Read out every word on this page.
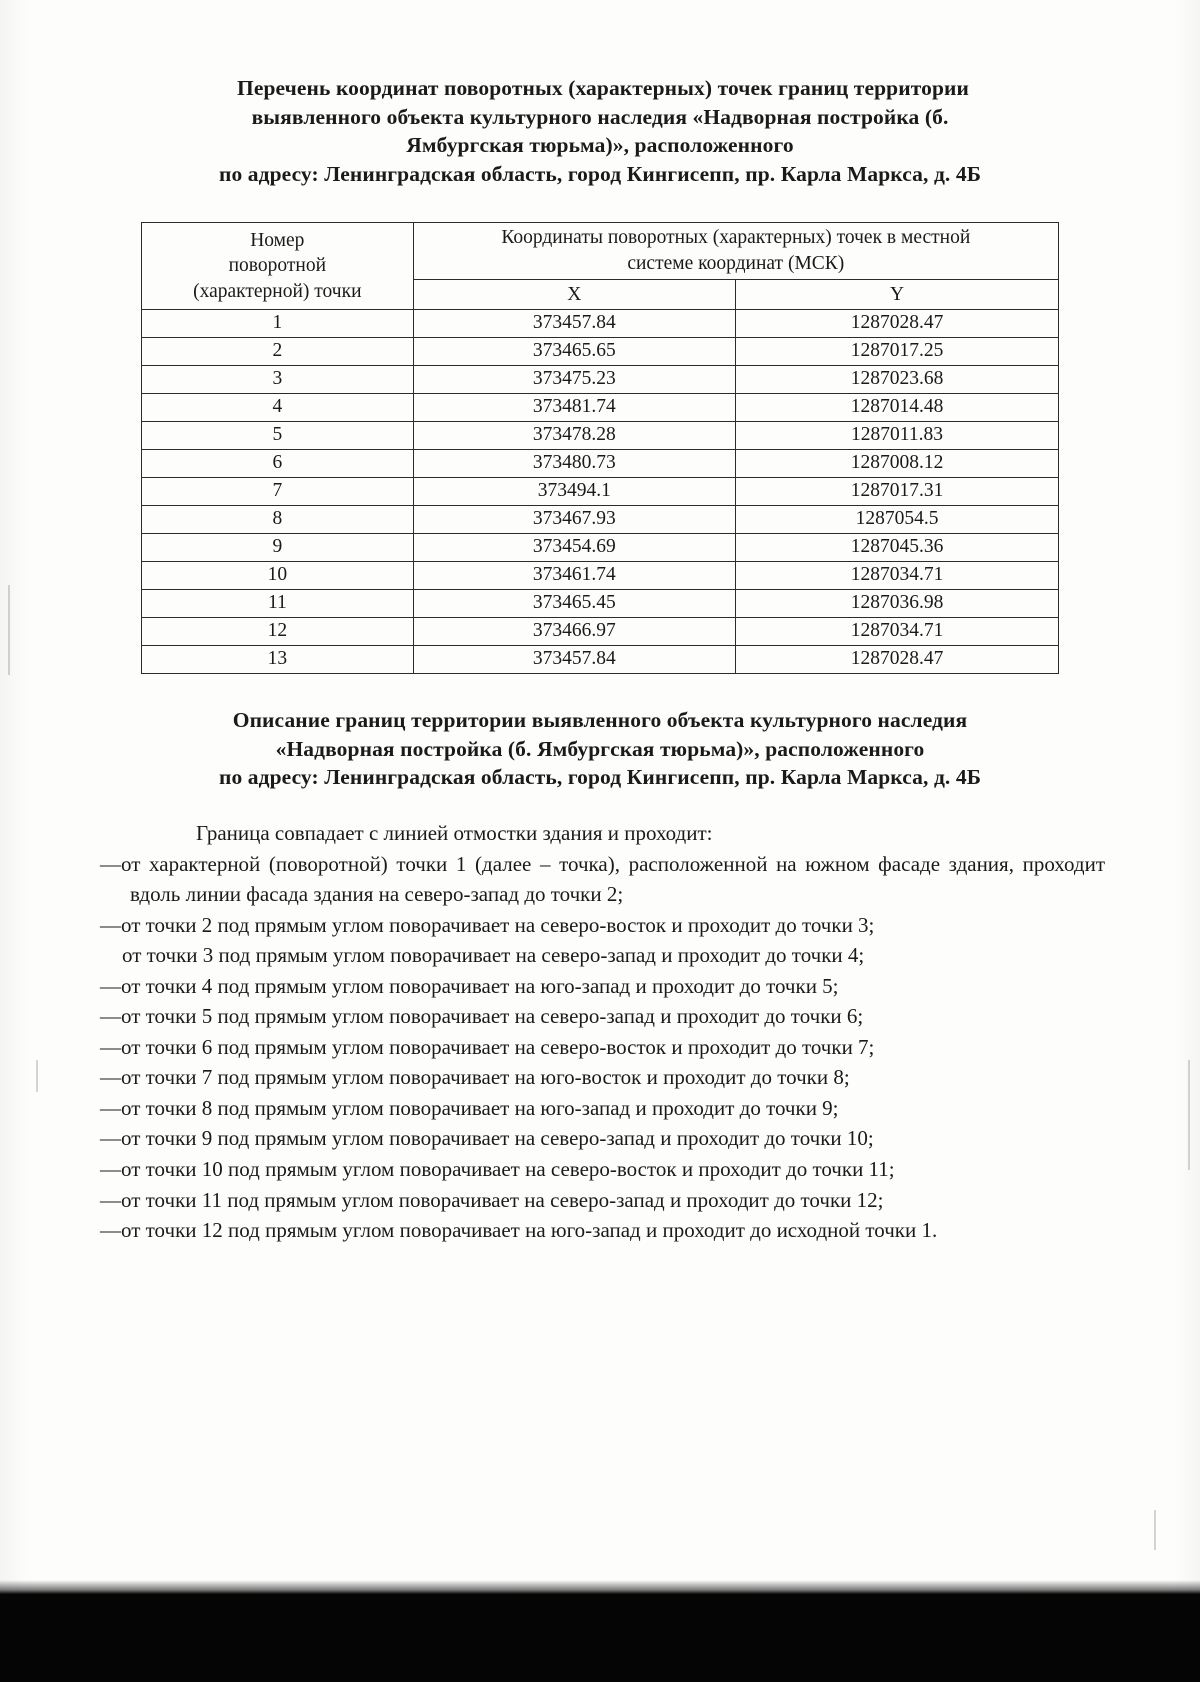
Перечень координат поворотных (характерных) точек границ территории
выявленного объекта культурного наследия «Надворная постройка (б.
Ямбургская тюрьма)», расположенного
по адресу: Ленинградская область, город Кингисепп, пр. Карла Маркса, д. 4Б
Номер
поворотной
(характерной) точки	Координаты поворотных (характерных) точек в местной
системе координат (МСК)	

	X	Y
1	373457.84	1287028.47
2	373465.65	1287017.25
3	373475.23	1287023.68
4	373481.74	1287014.48
5	373478.28	1287011.83
6	373480.73	1287008.12
7	373494.1	1287017.31
8	373467.93	1287054.5
9	373454.69	1287045.36
10	373461.74	1287034.71
11	373465.45	1287036.98
12	373466.97	1287034.71
13	373457.84	1287028.47
Описание границ территории выявленного объекта культурного наследия
«Надворная постройка (б. Ямбургская тюрьма)», расположенного
по адресу: Ленинградская область, город Кингисепп, пр. Карла Маркса, д. 4Б

Граница совпадает с линией отмостки здания и проходит:

—от характерной (поворотной) точки 1 (далее – точка), расположенной на южном фасаде здания, проходит вдоль линии фасада здания на северо-запад до точки 2;

—от точки 2 под прямым углом поворачивает на северо-восток и проходит до точки 3;

от точки 3 под прямым углом поворачивает на северо-запад и проходит до точки 4;

—от точки 4 под прямым углом поворачивает на юго-запад и проходит до точки 5;

—от точки 5 под прямым углом поворачивает на северо-запад и проходит до точки 6;

—от точки 6 под прямым углом поворачивает на северо-восток и проходит до точки 7;

—от точки 7 под прямым углом поворачивает на юго-восток и проходит до точки 8;

—от точки 8 под прямым углом поворачивает на юго-запад и проходит до точки 9;

—от точки 9 под прямым углом поворачивает на северо-запад и проходит до точки 10;

—от точки 10 под прямым углом поворачивает на северо-восток и проходит до точки 11;

—от точки 11 под прямым углом поворачивает на северо-запад и проходит до точки 12;

—от точки 12 под прямым углом поворачивает на юго-запад и проходит до исходной точки 1.
